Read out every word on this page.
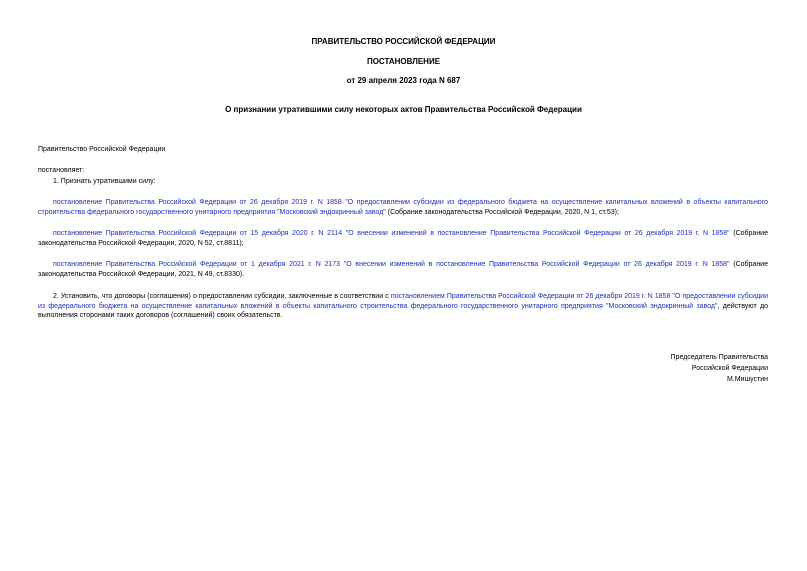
ПРАВИТЕЛЬСТВО РОССИЙСКОЙ ФЕДЕРАЦИИ
ПОСТАНОВЛЕНИЕ
от 29 апреля 2023 года N 687
О признании утратившими силу некоторых актов Правительства Российской Федерации
Правительство Российской Федерации
постановляет:
1. Признать утратившими силу:
постановление Правительства Российской Федерации от 26 декабря 2019 г. N 1858 "О предоставлении субсидии из федерального бюджета на осуществление капитальных вложений в объекты капитального строительства федерального государственного унитарного предприятия "Московский эндокринный завод" (Собрание законодательства Российской Федерации, 2020, N 1, ст.53);
постановление Правительства Российской Федерации от 15 декабря 2020 г. N 2114 "О внесении изменений в постановление Правительства Российской Федерации от 26 декабря 2019 г. N 1858" (Собрание законодательства Российской Федерации, 2020, N 52, ст.8811);
постановление Правительства Российской Федерации от 1 декабря 2021 г. N 2173 "О внесении изменений в постановление Правительства Российской Федерации от 26 декабря 2019 г. N 1858" (Собрание законодательства Российской Федерации, 2021, N 49, ст.8330).
2. Установить, что договоры (соглашения) о предоставлении субсидии, заключенные в соответствии с постановлением Правительства Российской Федерации от 26 декабря 2019 г. N 1858 "О предоставлении субсидии из федерального бюджета на осуществление капитальных вложений в объекты капитального строительства федерального государственного унитарного предприятия "Московский эндокринный завод", действуют до выполнения сторонами таких договоров (соглашений) своих обязательств.
Председатель Правительства
Российской Федерации
М.Мишустин
